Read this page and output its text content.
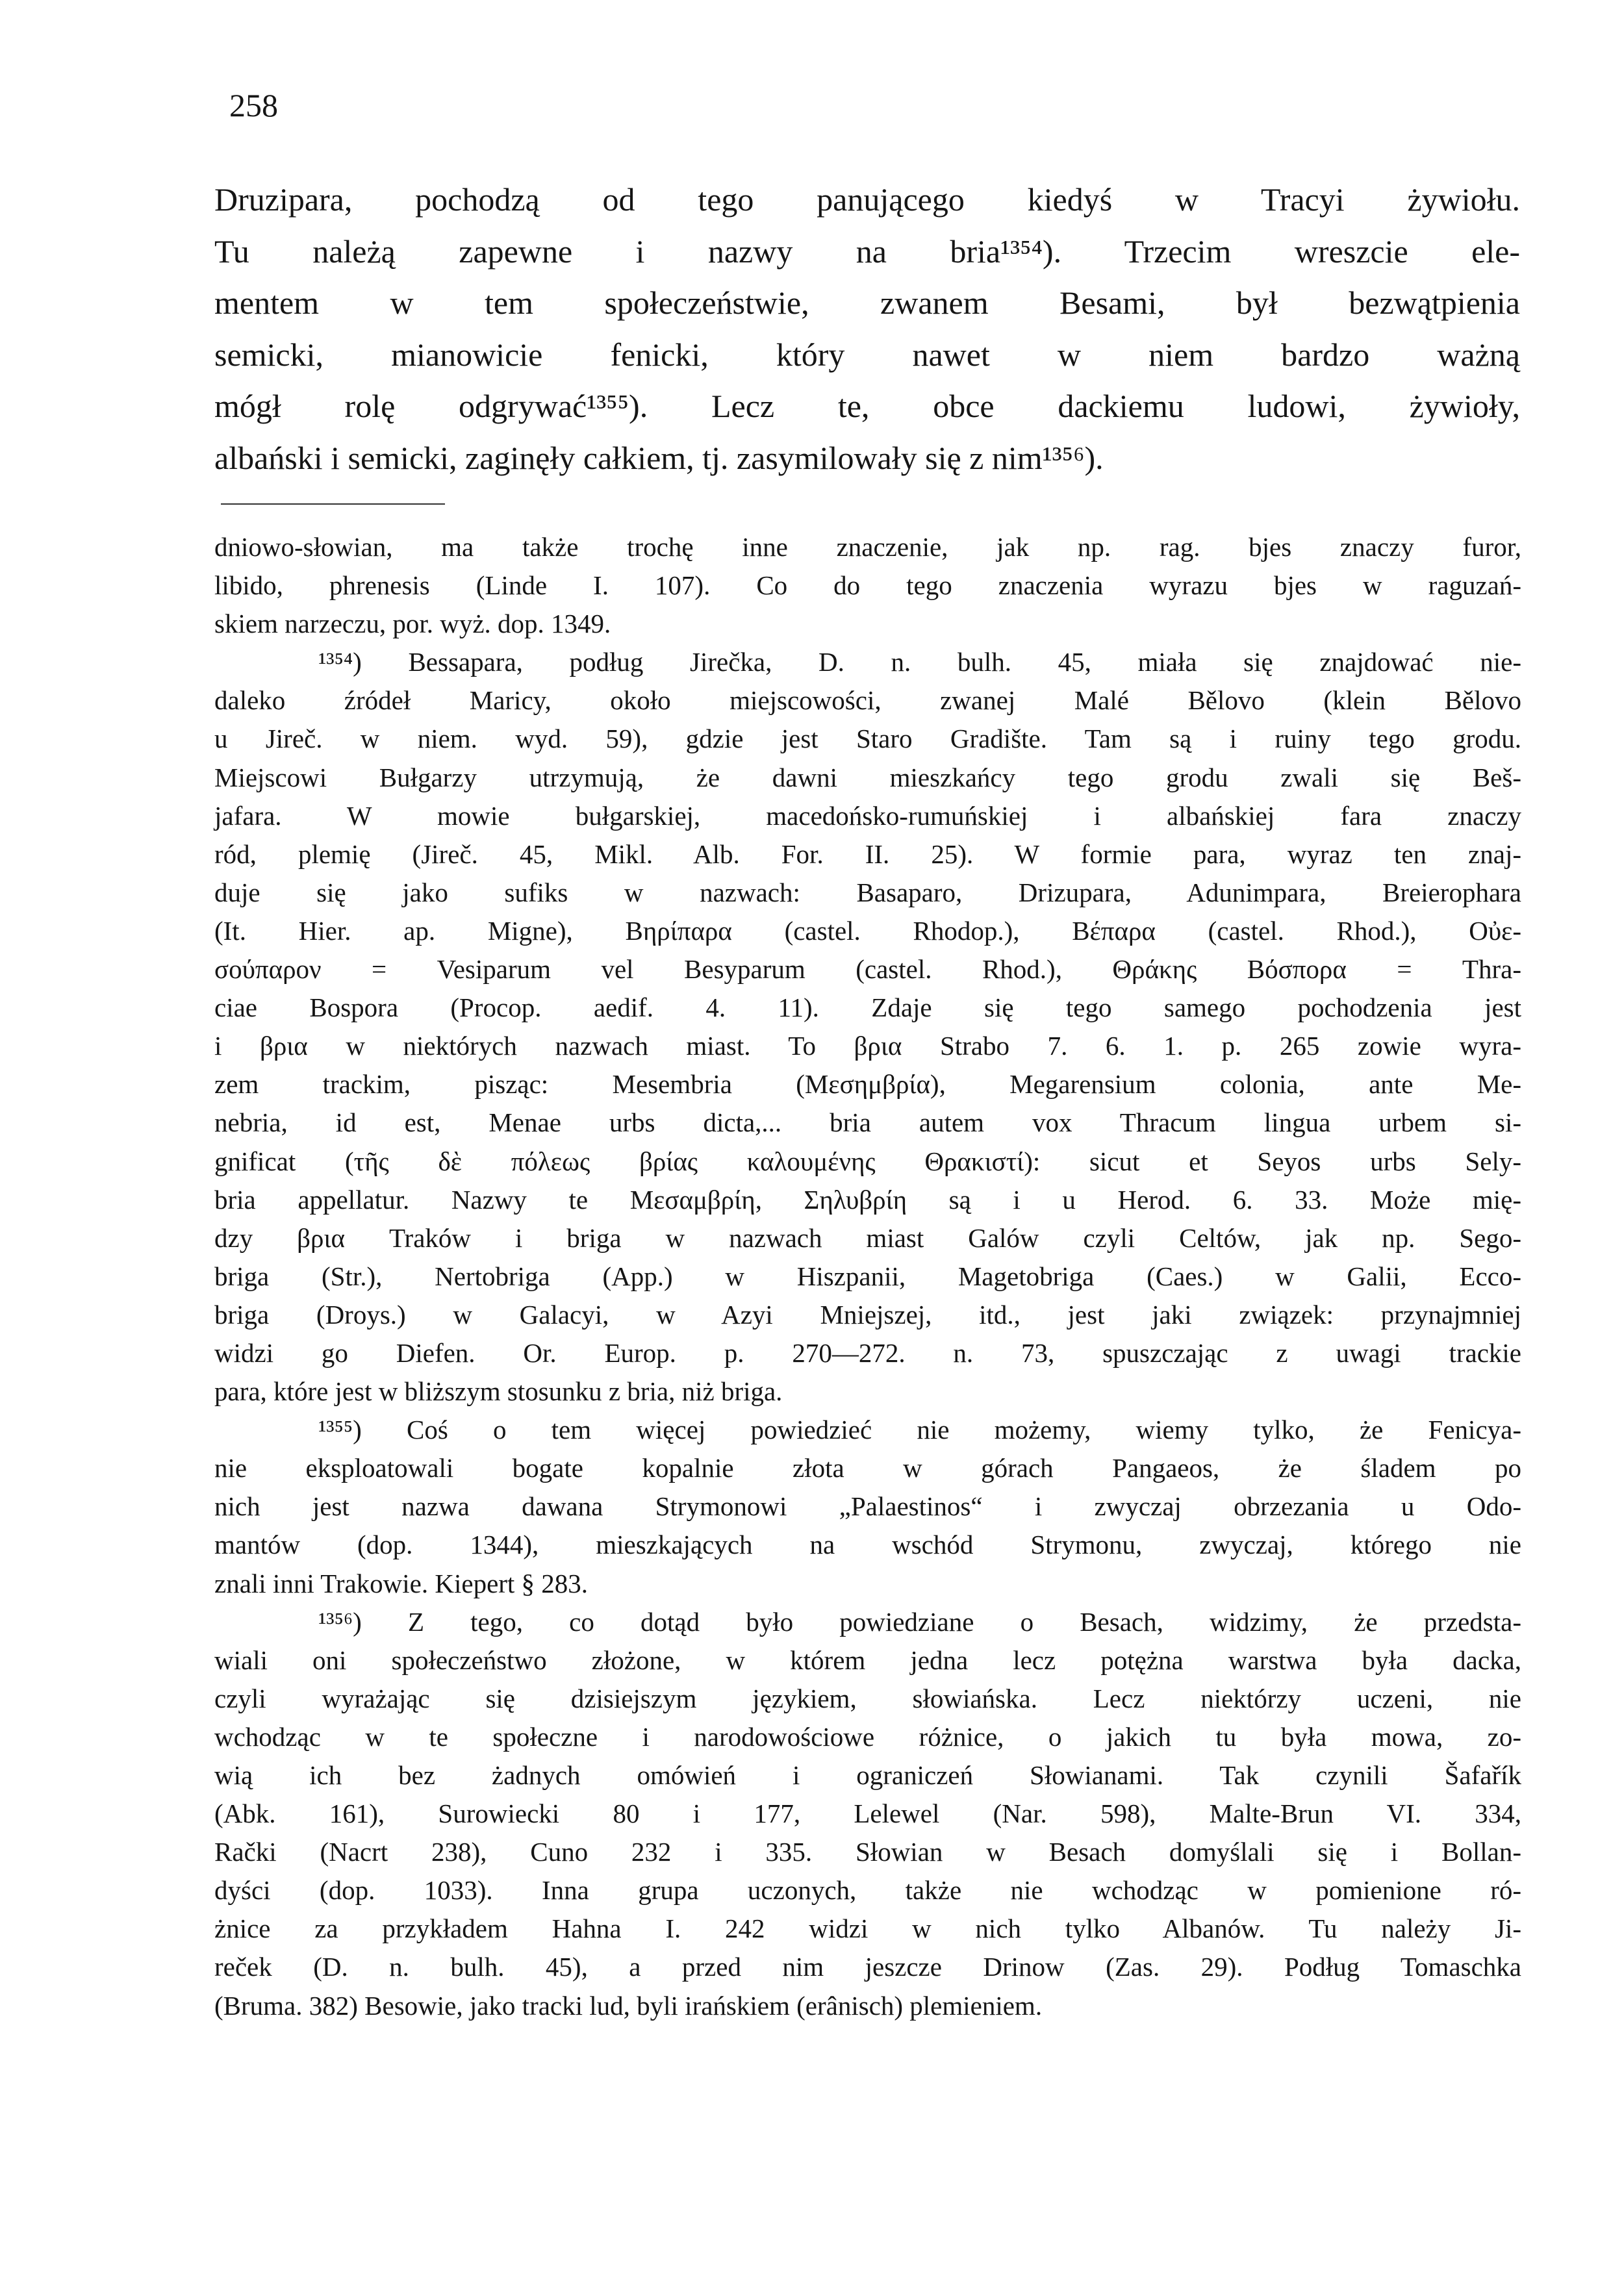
258
Druzipara, pochodzą od tego panującego kiedyś w Tracyi żywiołu.
Tu należą zapewne i nazwy na bria¹³⁵⁴). Trzecim wreszcie ele-
mentem w tem społeczeństwie, zwanem Besami, był bezwątpienia
semicki, mianowicie fenicki, który nawet w niem bardzo ważną
mógł rolę odgrywać¹³⁵⁵). Lecz te, obce dackiemu ludowi, żywioły,
albański i semicki, zaginęły całkiem, tj. zasymilowały się z nim¹³⁵⁶).
dniowo-słowian, ma także trochę inne znaczenie, jak np. rag. bjes znaczy furor,
libido, phrenesis (Linde I. 107). Co do tego znaczenia wyrazu bjes w raguzań-
skiem narzeczu, por. wyż. dop. 1349.
¹³⁵⁴) Bessapara, podług Jirečka, D. n. bulh. 45, miała się znajdować nie-
daleko źródeł Maricy, około miejscowości, zwanej Malé Bělovo (klein Bělovo
u Jireč. w niem. wyd. 59), gdzie jest Staro Gradište. Tam są i ruiny tego grodu.
Miejscowi Bułgarzy utrzymują, że dawni mieszkańcy tego grodu zwali się Beš-
jafara. W mowie bułgarskiej, macedońsko-rumuńskiej i albańskiej fara znaczy
ród, plemię (Jireč. 45, Mikl. Alb. For. II. 25). W formie para, wyraz ten znaj-
duje się jako sufiks w nazwach: Basaparo, Drizupara, Adunimpara, Breierophara
(It. Hier. ap. Migne), Βηρίπαρα (castel. Rhodop.), Βέπαρα (castel. Rhod.), Οὐε-
σούπαρον = Vesiparum vel Besyparum (castel. Rhod.), Θράκης Βόσπορα = Thra-
ciae Bospora (Procop. aedif. 4. 11). Zdaje się tego samego pochodzenia jest
i βρια w niektórych nazwach miast. To βρια Strabo 7. 6. 1. p. 265 zowie wyra-
zem trackim, pisząc: Mesembria (Μεσημβρία), Megarensium colonia, ante Me-
nebria, id est, Menae urbs dicta,... bria autem vox Thracum lingua urbem si-
gnificat (τῆς δὲ πόλεως βρίας καλουμένης Θρακιστί): sicut et Seyos urbs Sely-
bria appellatur. Nazwy te Μεσαμβρίη, Σηλυβρίη są i u Herod. 6. 33. Może mię-
dzy βρια Traków i briga w nazwach miast Galów czyli Celtów, jak np. Sego-
briga (Str.), Nertobriga (App.) w Hiszpanii, Magetobriga (Caes.) w Galii, Ecco-
briga (Droys.) w Galacyi, w Azyi Mniejszej, itd., jest jaki związek: przynajmniej
widzi go Diefen. Or. Europ. p. 270—272. n. 73, spuszczając z uwagi trackie
para, które jest w bliższym stosunku z bria, niż briga.
¹³⁵⁵) Coś o tem więcej powiedzieć nie możemy, wiemy tylko, że Fenicya-
nie eksploatowali bogate kopalnie złota w górach Pangaeos, że śladem po
nich jest nazwa dawana Strymonowi „Palaestinos“ i zwyczaj obrzezania u Odo-
mantów (dop. 1344), mieszkających na wschód Strymonu, zwyczaj, którego nie
znali inni Trakowie. Kiepert § 283.
¹³⁵⁶) Z tego, co dotąd było powiedziane o Besach, widzimy, że przedsta-
wiali oni społeczeństwo złożone, w którem jedna lecz potężna warstwa była dacka,
czyli wyrażając się dzisiejszym językiem, słowiańska. Lecz niektórzy uczeni, nie
wchodząc w te społeczne i narodowościowe różnice, o jakich tu była mowa, zo-
wią ich bez żadnych omówień i ograniczeń Słowianami. Tak czynili Šafařík
(Abk. 161), Surowiecki 80 i 177, Lelewel (Nar. 598), Malte-Brun VI. 334,
Rački (Nacrt 238), Cuno 232 i 335. Słowian w Besach domyślali się i Bollan-
dyści (dop. 1033). Inna grupa uczonych, także nie wchodząc w pomienione ró-
żnice za przykładem Hahna I. 242 widzi w nich tylko Albanów. Tu należy Ji-
reček (D. n. bulh. 45), a przed nim jeszcze Drinow (Zas. 29). Podług Tomaschka
(Bruma. 382) Besowie, jako tracki lud, byli irańskiem (erânisch) plemieniem.
